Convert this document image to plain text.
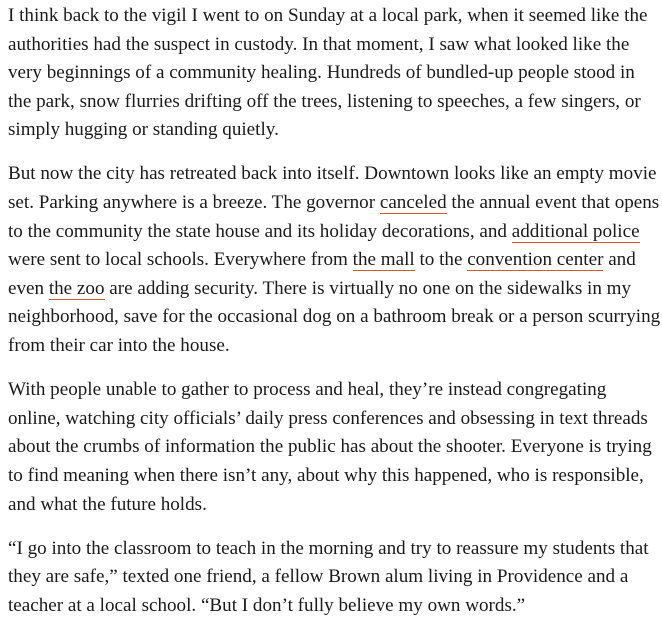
I think back to the vigil I went to on Sunday at a local park, when it seemed like the authorities had the suspect in custody. In that moment, I saw what looked like the very beginnings of a community healing. Hundreds of bundled-up people stood in the park, snow flurries drifting off the trees, listening to speeches, a few singers, or simply hugging or standing quietly.

But now the city has retreated back into itself. Downtown looks like an empty movie set. Parking anywhere is a breeze. The governor canceled the annual event that opens to the community the state house and its holiday decorations, and additional police were sent to local schools. Everywhere from the mall to the convention center and even the zoo are adding security. There is virtually no one on the sidewalks in my neighborhood, save for the occasional dog on a bathroom break or a person scurrying from their car into the house.

With people unable to gather to process and heal, they’re instead congregating online, watching city officials’ daily press conferences and obsessing in text threads about the crumbs of information the public has about the shooter. Everyone is trying to find meaning when there isn’t any, about why this happened, who is responsible, and what the future holds.

“I go into the classroom to teach in the morning and try to reassure my students that they are safe,” texted one friend, a fellow Brown alum living in Providence and a teacher at a local school. “But I don’t fully believe my own words.”
